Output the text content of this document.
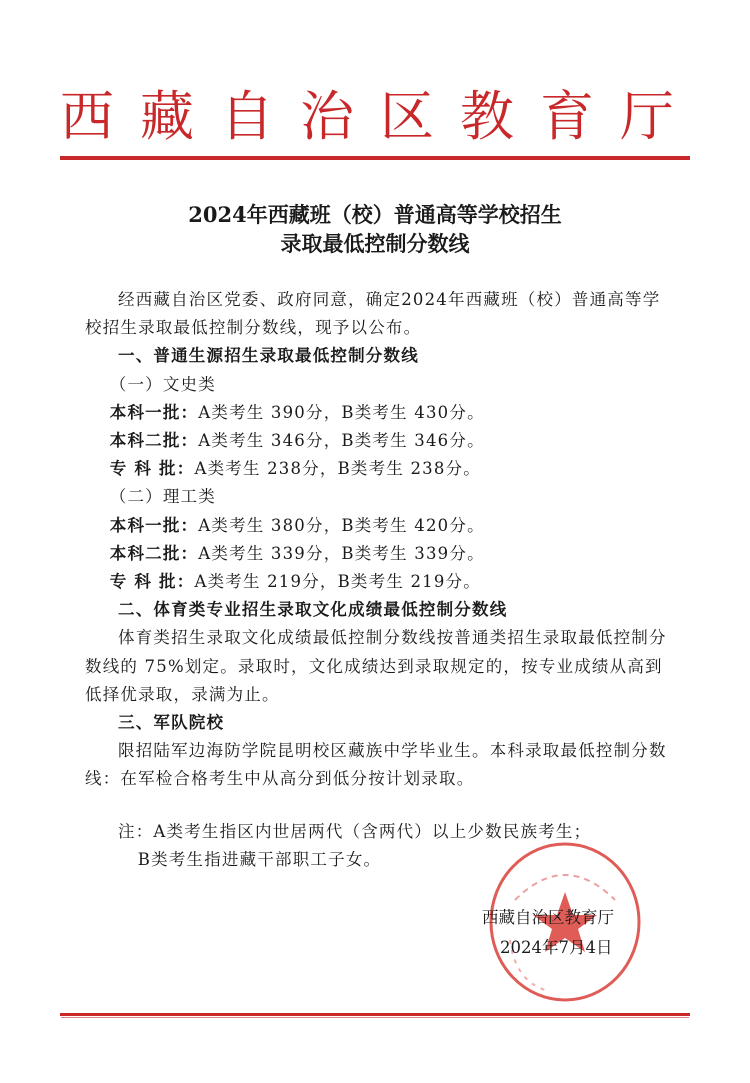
西藏自治区教育厅
2024年西藏班（校）普通高等学校招生
录取最低控制分数线

经西藏自治区党委、政府同意，确定2024年西藏班（校）普通高等学校招生录取最低控制分数线，现予以公布。

一、普通生源招生录取最低控制分数线

（一）文史类

本科一批：A类考生 390分，B类考生 430分。

本科二批：A类考生 346分，B类考生 346分。

专 科 批：A类考生 238分，B类考生 238分。

（二）理工类

本科一批：A类考生 380分，B类考生 420分。

本科二批：A类考生 339分，B类考生 339分。

专 科 批：A类考生 219分，B类考生 219分。

二、体育类专业招生录取文化成绩最低控制分数线

体育类招生录取文化成绩最低控制分数线按普通类招生录取最低控制分数线的 75%划定。录取时，文化成绩达到录取规定的，按专业成绩从高到低择优录取，录满为止。

三、军队院校

限招陆军边海防学院昆明校区藏族中学毕业生。本科录取最低控制分数线：在军检合格考生中从高分到低分按计划录取。

注：A类考生指区内世居两代（含两代）以上少数民族考生；

B类考生指进藏干部职工子女。

西藏自治区教育厅
2024年7月4日
